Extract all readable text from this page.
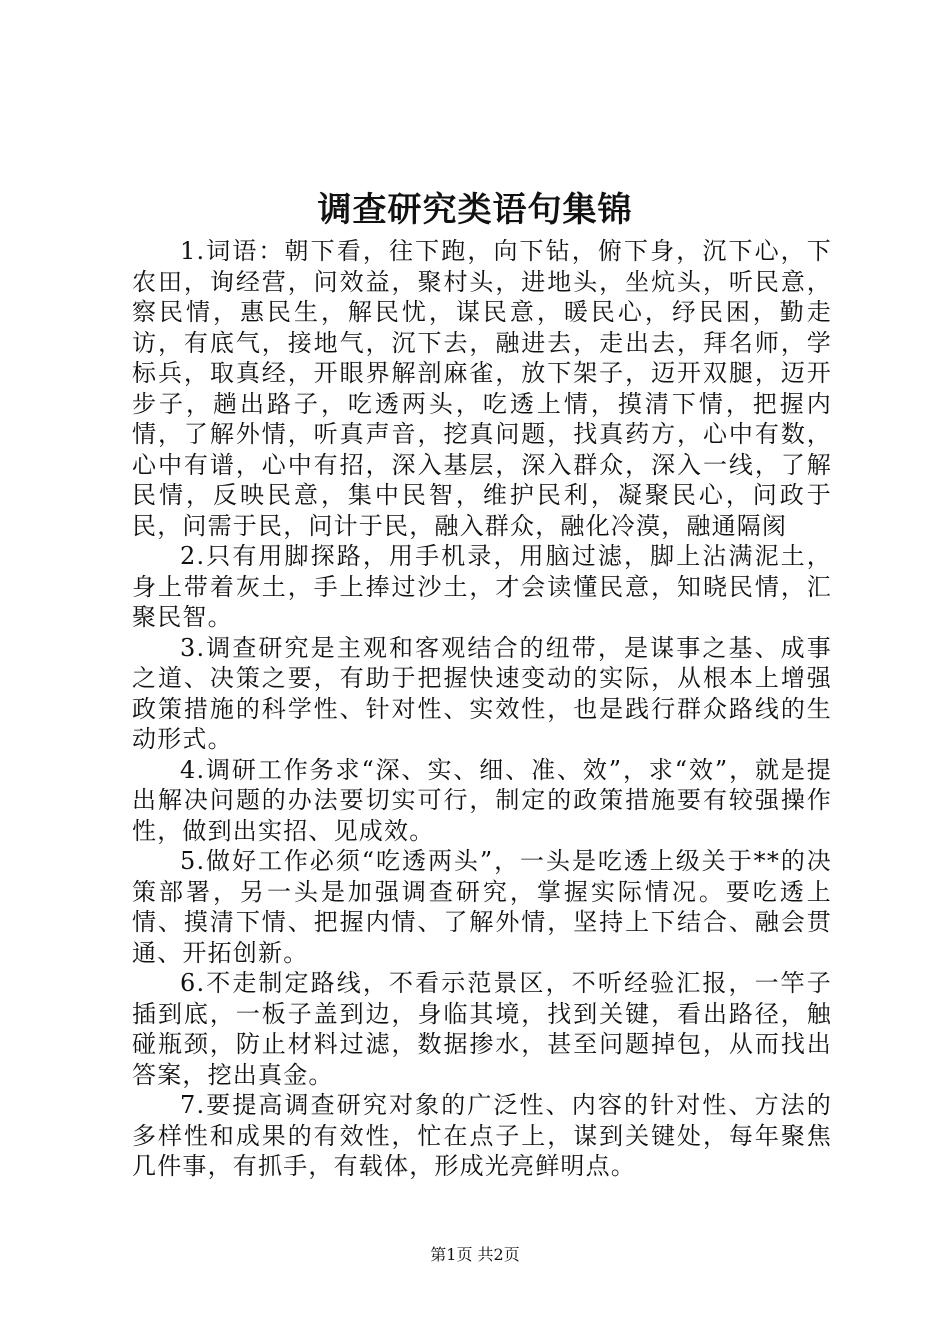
调查研究类语句集锦

1.词语：朝下看，往下跑，向下钻，俯下身，沉下心，下农田，询经营，问效益，聚村头，进地头，坐炕头，听民意，察民情，惠民生，解民忧，谋民意，暖民心，纾民困，勤走访，有底气，接地气，沉下去，融进去，走出去，拜名师，学标兵，取真经，开眼界解剖麻雀，放下架子，迈开双腿，迈开步子，趟出路子，吃透两头，吃透上情，摸清下情，把握内情，了解外情，听真声音，挖真问题，找真药方，心中有数，心中有谱，心中有招，深入基层，深入群众，深入一线，了解民情，反映民意，集中民智，维护民利，凝聚民心，问政于民，问需于民，问计于民，融入群众，融化冷漠，融通隔阂

2.只有用脚探路，用手机录，用脑过滤，脚上沾满泥土，身上带着灰土，手上捧过沙土，才会读懂民意，知晓民情，汇聚民智。

3.调查研究是主观和客观结合的纽带，是谋事之基、成事之道、决策之要，有助于把握快速变动的实际，从根本上增强政策措施的科学性、针对性、实效性，也是践行群众路线的生动形式。

4.调研工作务求“深、实、细、准、效”，求“效”，就是提出解决问题的办法要切实可行，制定的政策措施要有较强操作性，做到出实招、见成效。

5.做好工作必须“吃透两头”，一头是吃透上级关于**的决策部署，另一头是加强调查研究，掌握实际情况。要吃透上情、摸清下情、把握内情、了解外情，坚持上下结合、融会贯通、开拓创新。

6.不走制定路线，不看示范景区，不听经验汇报，一竿子插到底，一板子盖到边，身临其境，找到关键，看出路径，触碰瓶颈，防止材料过滤，数据掺水，甚至问题掉包，从而找出答案，挖出真金。

7.要提高调查研究对象的广泛性、内容的针对性、方法的多样性和成果的有效性，忙在点子上，谋到关键处，每年聚焦几件事，有抓手，有载体，形成光亮鲜明点。

第1页 共2页
